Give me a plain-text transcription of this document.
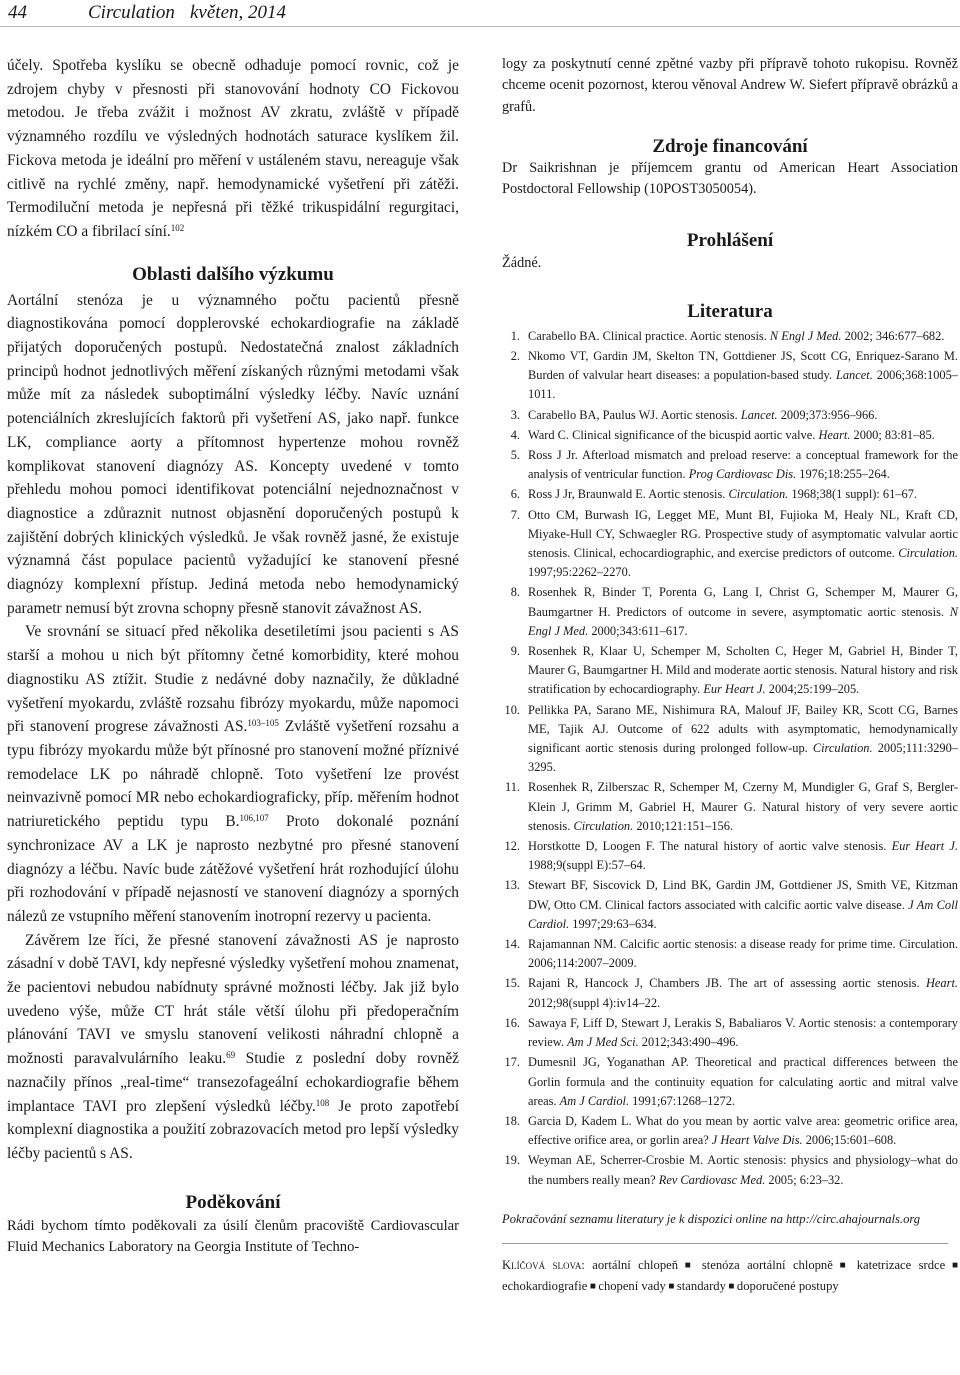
44	Circulation květen, 2014

účely. Spotřeba kyslíku se obecně odhaduje pomocí rovnic, což je zdrojem chyby v přesnosti při stanovování hodnoty CO Fickovou metodou. Je třeba zvážit i možnost AV zkratu, zvláště v případě významného rozdílu ve výsledných hodnotách saturace kyslíkem žil. Fickova metoda je ideální pro měření v ustáleném stavu, nereaguje však citlivě na rychlé změny, např. hemodynamické vyšetření při zátěži. Termodiluční metoda je nepřesná při těžké trikuspidální regurgitaci, nízkém CO a fibrilací síní.$^{102}$

Oblasti dalšího výzkumu

Aortální stenóza je u významného počtu pacientů přesně diagnostikována pomocí dopplerovské echokardiografie na základě přijatých doporučených postupů. Nedostatečná znalost základních principů hodnot jednotlivých měření získaných různými metodami však může mít za následek suboptimální výsledky léčby. Navíc uznání potenciálních zkreslujících faktorů při vyšetření AS, jako např. funkce LK, compliance aorty a přítomnost hypertenze mohou rovněž komplikovat stanovení diagnózy AS. Koncepty uvedené v tomto přehledu mohou pomoci identifikovat potenciální nejednoznačnost v diagnostice a zdůraznit nutnost objasnění doporučených postupů k zajištění dobrých klinických výsledků. Je však rovněž jasné, že existuje významná část populace pacientů vyžadující ke stanovení přesné diagnózy komplexní přístup. Jediná metoda nebo hemodynamický parametr nemusí být zrovna schopny přesně stanovit závažnost AS.

Ve srovnání se situací před několika desetiletími jsou pacienti s AS starší a mohou u nich být přítomny četné komorbidity, které mohou diagnostiku AS ztížit. Studie z nedávné doby naznačily, že důkladné vyšetření myokardu, zvláště rozsahu fibrózy myokardu, může napomoci při stanovení progrese závažnosti AS.$^{103-105}$ Zvláště vyšetření rozsahu a typu fibrózy myokardu může být přínosné pro stanovení možné příznivé remodelace LK po náhradě chlopně. Toto vyšetření lze provést neinvazivně pomocí MR nebo echokardiograficky, příp. měřením hodnot natriuretického peptidu typu B.$^{106,107}$ Proto dokonalé poznání synchronizace AV a LK je naprosto nezbytné pro přesné stanovení diagnózy a léčbu. Navíc bude zátěžové vyšetření hrát rozhodující úlohu při rozhodování v případě nejasností ve stanovení diagnózy a sporných nálezů ze vstupního měření stanovením inotropní rezervy u pacienta.

Závěrem lze říci, že přesné stanovení závažnosti AS je naprosto zásadní v době TAVI, kdy nepřesné výsledky vyšetření mohou znamenat, že pacientovi nebudou nabídnuty správné možnosti léčby. Jak již bylo uvedeno výše, může CT hrát stále větší úlohu při předoperačním plánování TAVI ve smyslu stanovení velikosti náhradní chlopně a možnosti paravalvulárního leaku.$^{69}$ Studie z poslední doby rovněž naznačily přínos „real-time“ transezofageální echokardiografie během implantace TAVI pro zlepšení výsledků léčby.$^{108}$ Je proto zapotřebí komplexní diagnostika a použití zobrazovacích metod pro lepší výsledky léčby pacientů s AS.

Poděkování

Rádi bychom tímto poděkovali za úsilí členům pracoviště Cardiovascular Fluid Mechanics Laboratory na Georgia Institute of Techno-

logy za poskytnutí cenné zpětné vazby při přípravě tohoto rukopisu. Rovněž chceme ocenit pozornost, kterou věnoval Andrew W. Siefert přípravě obrázků a grafů.

Zdroje financování

Dr Saikrishnan je příjemcem grantu od American Heart Association Postdoctoral Fellowship (10POST3050054).

Prohlášení

Žádné.

Literatura
1. Carabello BA. Clinical practice. Aortic stenosis. N Engl J Med. 2002; 346:677–682.
2. Nkomo VT, Gardin JM, Skelton TN, Gottdiener JS, Scott CG, Enriquez-Sarano M. Burden of valvular heart diseases: a population-based study. Lancet. 2006;368:1005–1011.
3. Carabello BA, Paulus WJ. Aortic stenosis. Lancet. 2009;373:956–966.
4. Ward C. Clinical significance of the bicuspid aortic valve. Heart. 2000; 83:81–85.
5. Ross J Jr. Afterload mismatch and preload reserve: a conceptual framework for the analysis of ventricular function. Prog Cardiovasc Dis. 1976;18:255–264.
6. Ross J Jr, Braunwald E. Aortic stenosis. Circulation. 1968;38(1 suppl): 61–67.
7. Otto CM, Burwash IG, Legget ME, Munt BI, Fujioka M, Healy NL, Kraft CD, Miyake-Hull CY, Schwaegler RG. Prospective study of asymptomatic valvular aortic stenosis. Clinical, echocardiographic, and exercise predictors of outcome. Circulation. 1997;95:2262–2270.
8. Rosenhek R, Binder T, Porenta G, Lang I, Christ G, Schemper M, Maurer G, Baumgartner H. Predictors of outcome in severe, asymptomatic aortic stenosis. N Engl J Med. 2000;343:611–617.
9. Rosenhek R, Klaar U, Schemper M, Scholten C, Heger M, Gabriel H, Binder T, Maurer G, Baumgartner H. Mild and moderate aortic stenosis. Natural history and risk stratification by echocardiography. Eur Heart J. 2004;25:199–205.
10. Pellikka PA, Sarano ME, Nishimura RA, Malouf JF, Bailey KR, Scott CG, Barnes ME, Tajik AJ. Outcome of 622 adults with asymptomatic, hemodynamically significant aortic stenosis during prolonged follow-up. Circulation. 2005;111:3290–3295.
11. Rosenhek R, Zilberszac R, Schemper M, Czerny M, Mundigler G, Graf S, Bergler-Klein J, Grimm M, Gabriel H, Maurer G. Natural history of very severe aortic stenosis. Circulation. 2010;121:151–156.
12. Horstkotte D, Loogen F. The natural history of aortic valve stenosis. Eur Heart J. 1988;9(suppl E):57–64.
13. Stewart BF, Siscovick D, Lind BK, Gardin JM, Gottdiener JS, Smith VE, Kitzman DW, Otto CM. Clinical factors associated with calcific aortic valve disease. J Am Coll Cardiol. 1997;29:63–634.
14. Rajamannan NM. Calcific aortic stenosis: a disease ready for prime time. Circulation. 2006;114:2007–2009.
15. Rajani R, Hancock J, Chambers JB. The art of assessing aortic stenosis. Heart. 2012;98(suppl 4):iv14–22.
16. Sawaya F, Liff D, Stewart J, Lerakis S, Babaliaros V. Aortic stenosis: a contemporary review. Am J Med Sci. 2012;343:490–496.
17. Dumesnil JG, Yoganathan AP. Theoretical and practical differences between the Gorlin formula and the continuity equation for calculating aortic and mitral valve areas. Am J Cardiol. 1991;67:1268–1272.
18. Garcia D, Kadem L. What do you mean by aortic valve area: geometric orifice area, effective orifice area, or gorlin area? J Heart Valve Dis. 2006;15:601–608.
19. Weyman AE, Scherrer-Crosbie M. Aortic stenosis: physics and physiology–what do the numbers really mean? Rev Cardiovasc Med. 2005; 6:23–32.

Pokračování seznamu literatury je k dispozici online na http://circ.ahajournals.org

Klíčová slova: aortální chlopeň ■ stenóza aortální chlopně ■ katetrizace srdce ■ echokardiografie ■ chopení vady ■ standardy ■ doporučené postupy
